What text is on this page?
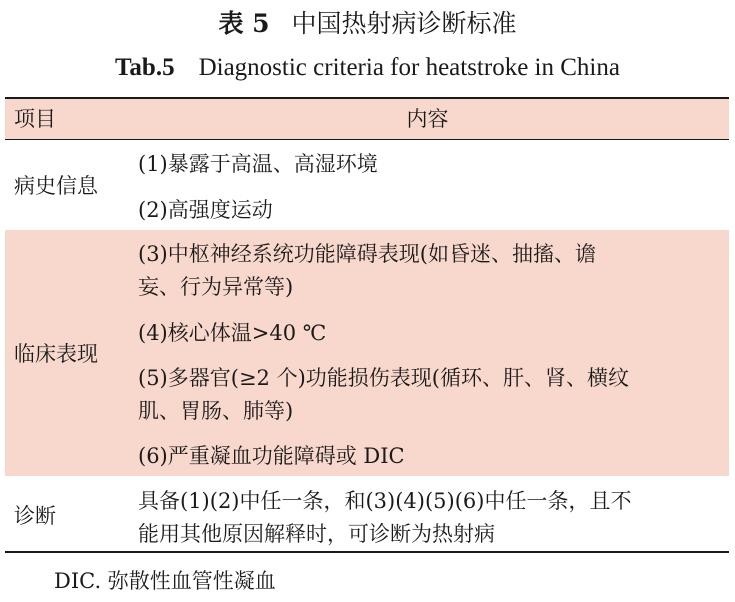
表 5 中国热射病诊断标准
Tab.5 Diagnostic criteria for heatstroke in China
项目	内容
病史信息
临床表现
诊断
(1)暴露于高温、高湿环境
(2)高强度运动
(3)中枢神经系统功能障碍表现(如昏迷、抽搐、谵
妄、行为异常等)
(4)核心体温>40 ℃
(5)多器官(≥2 个)功能损伤表现(循环、肝、肾、横纹
肌、胃肠、肺等)
(6)严重凝血功能障碍或 DIC
具备(1)(2)中任一条，和(3)(4)(5)(6)中任一条，且不
能用其他原因解释时，可诊断为热射病
DIC. 弥散性血管性凝血
